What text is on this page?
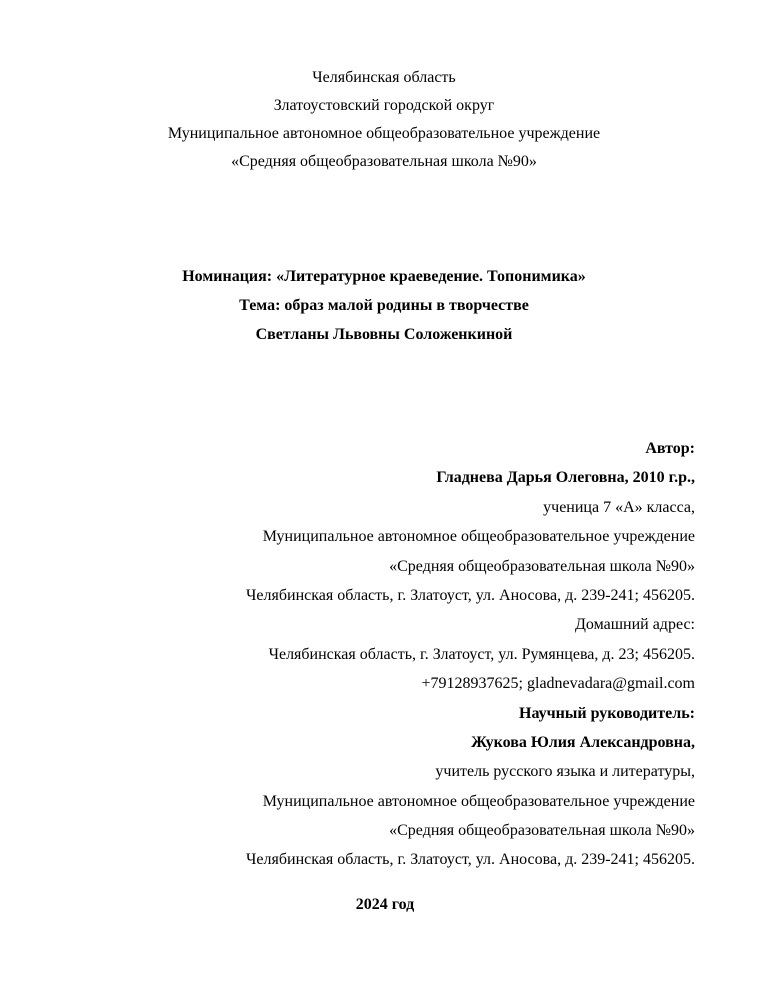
Челябинская область
Златоустовский городской округ
Муниципальное автономное общеобразовательное учреждение
«Средняя общеобразовательная школа №90»
Номинация: «Литературное краеведение. Топонимика»
Тема: образ малой родины в творчестве
Светланы Львовны Соложенкиной
Автор:
Гладнева Дарья Олеговна, 2010 г.р.,
ученица 7 «А» класса,
Муниципальное автономное общеобразовательное учреждение
«Средняя общеобразовательная школа №90»
Челябинская область, г. Златоуст, ул. Аносова, д. 239-241; 456205.
Домашний адрес:
Челябинская область, г. Златоуст, ул. Румянцева, д. 23; 456205.
+79128937625; gladnevadara@gmail.com
Научный руководитель:
Жукова Юлия Александровна,
учитель русского языка и литературы,
Муниципальное автономное общеобразовательное учреждение
«Средняя общеобразовательная школа №90»
Челябинская область, г. Златоуст, ул. Аносова, д. 239-241; 456205.
2024 год
